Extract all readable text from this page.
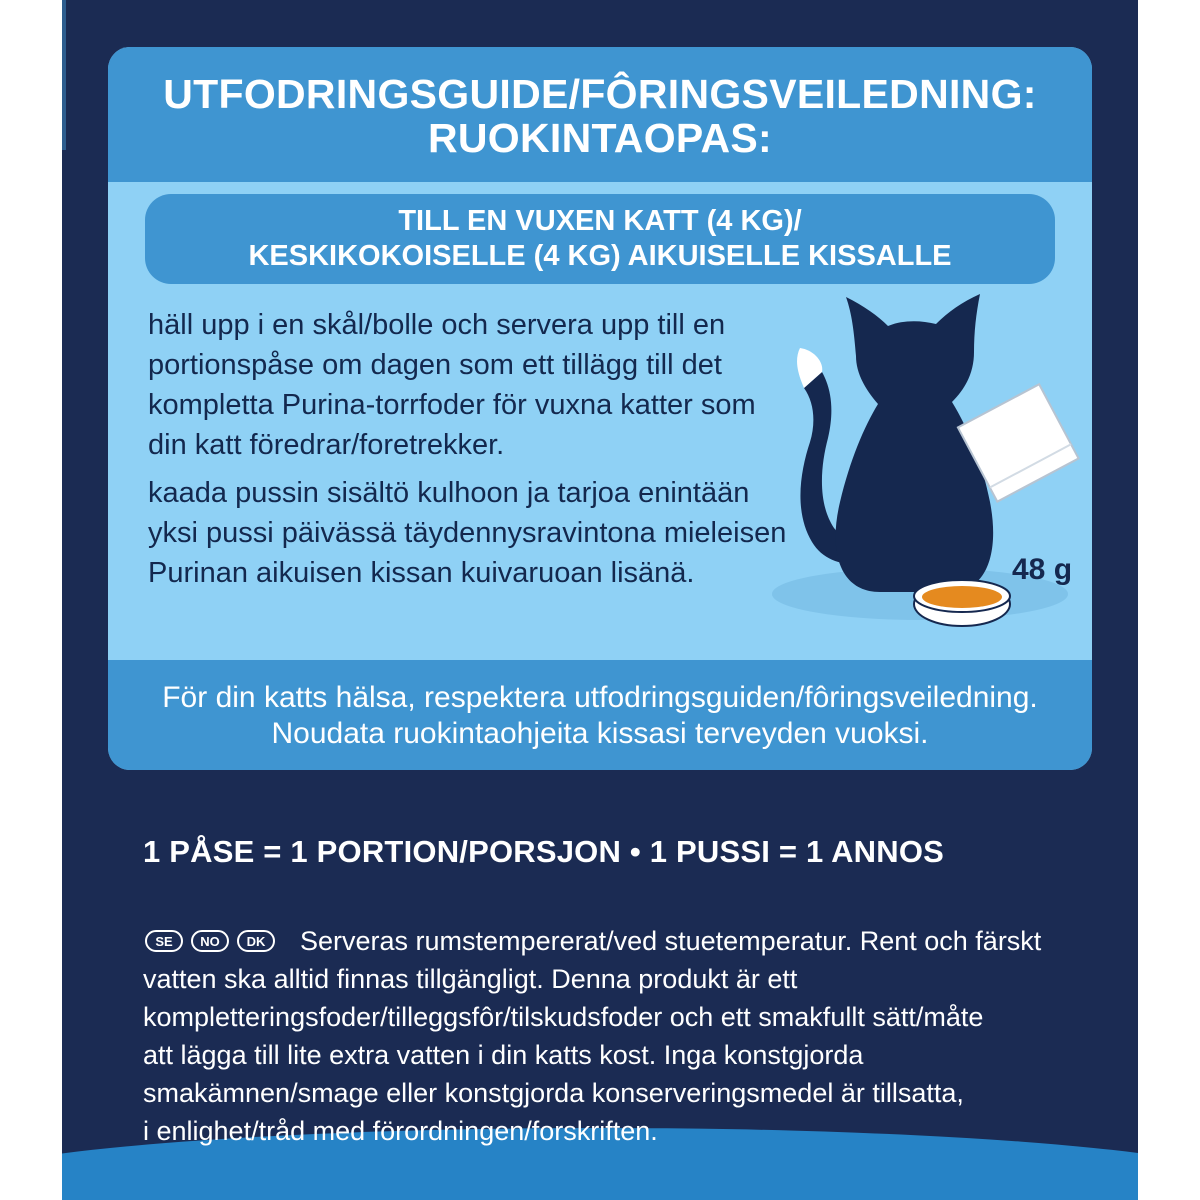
UTFODRINGSGUIDE/FÔRINGSVEILEDNING:
RUOKINTAOPAS:
TILL EN VUXEN KATT (4 KG)/
KESKIKOKOISELLE (4 KG) AIKUISELLE KISSALLE

häll upp i en skål/bolle och servera upp till en portionspåse om dagen som ett tillägg till det kompletta Purina-torrfoder för vuxna katter som din katt föredrar/foretrekker.

kaada pussin sisältö kulhoon ja tarjoa enintään yksi pussi päivässä täydennysravintona mieleisen Purinan aikuisen kissan kuivaruoan lisänä.	48 g
För din katts hälsa, respektera utfodringsguiden/fôringsveiledning.
Noudata ruokintaohjeita kissasi terveyden vuoksi.
1 PÅSE = 1 PORTION/PORSJON • 1 PUSSI = 1 ANNOS
Serveras rumstempererat/ved stuetemperatur. Rent och färskt
vatten ska alltid finnas tillgängligt. Denna produkt är ett
kompletteringsfoder/tilleggsfôr/tilskudsfoder och ett smakfullt sätt/måte
att lägga till lite extra vatten i din katts kost. Inga konstgjorda
smakämnen/smage eller konstgjorda konserveringsmedel är tillsatta,
i enlighet/tråd med förordningen/forskriften.
SE	NO	DK
